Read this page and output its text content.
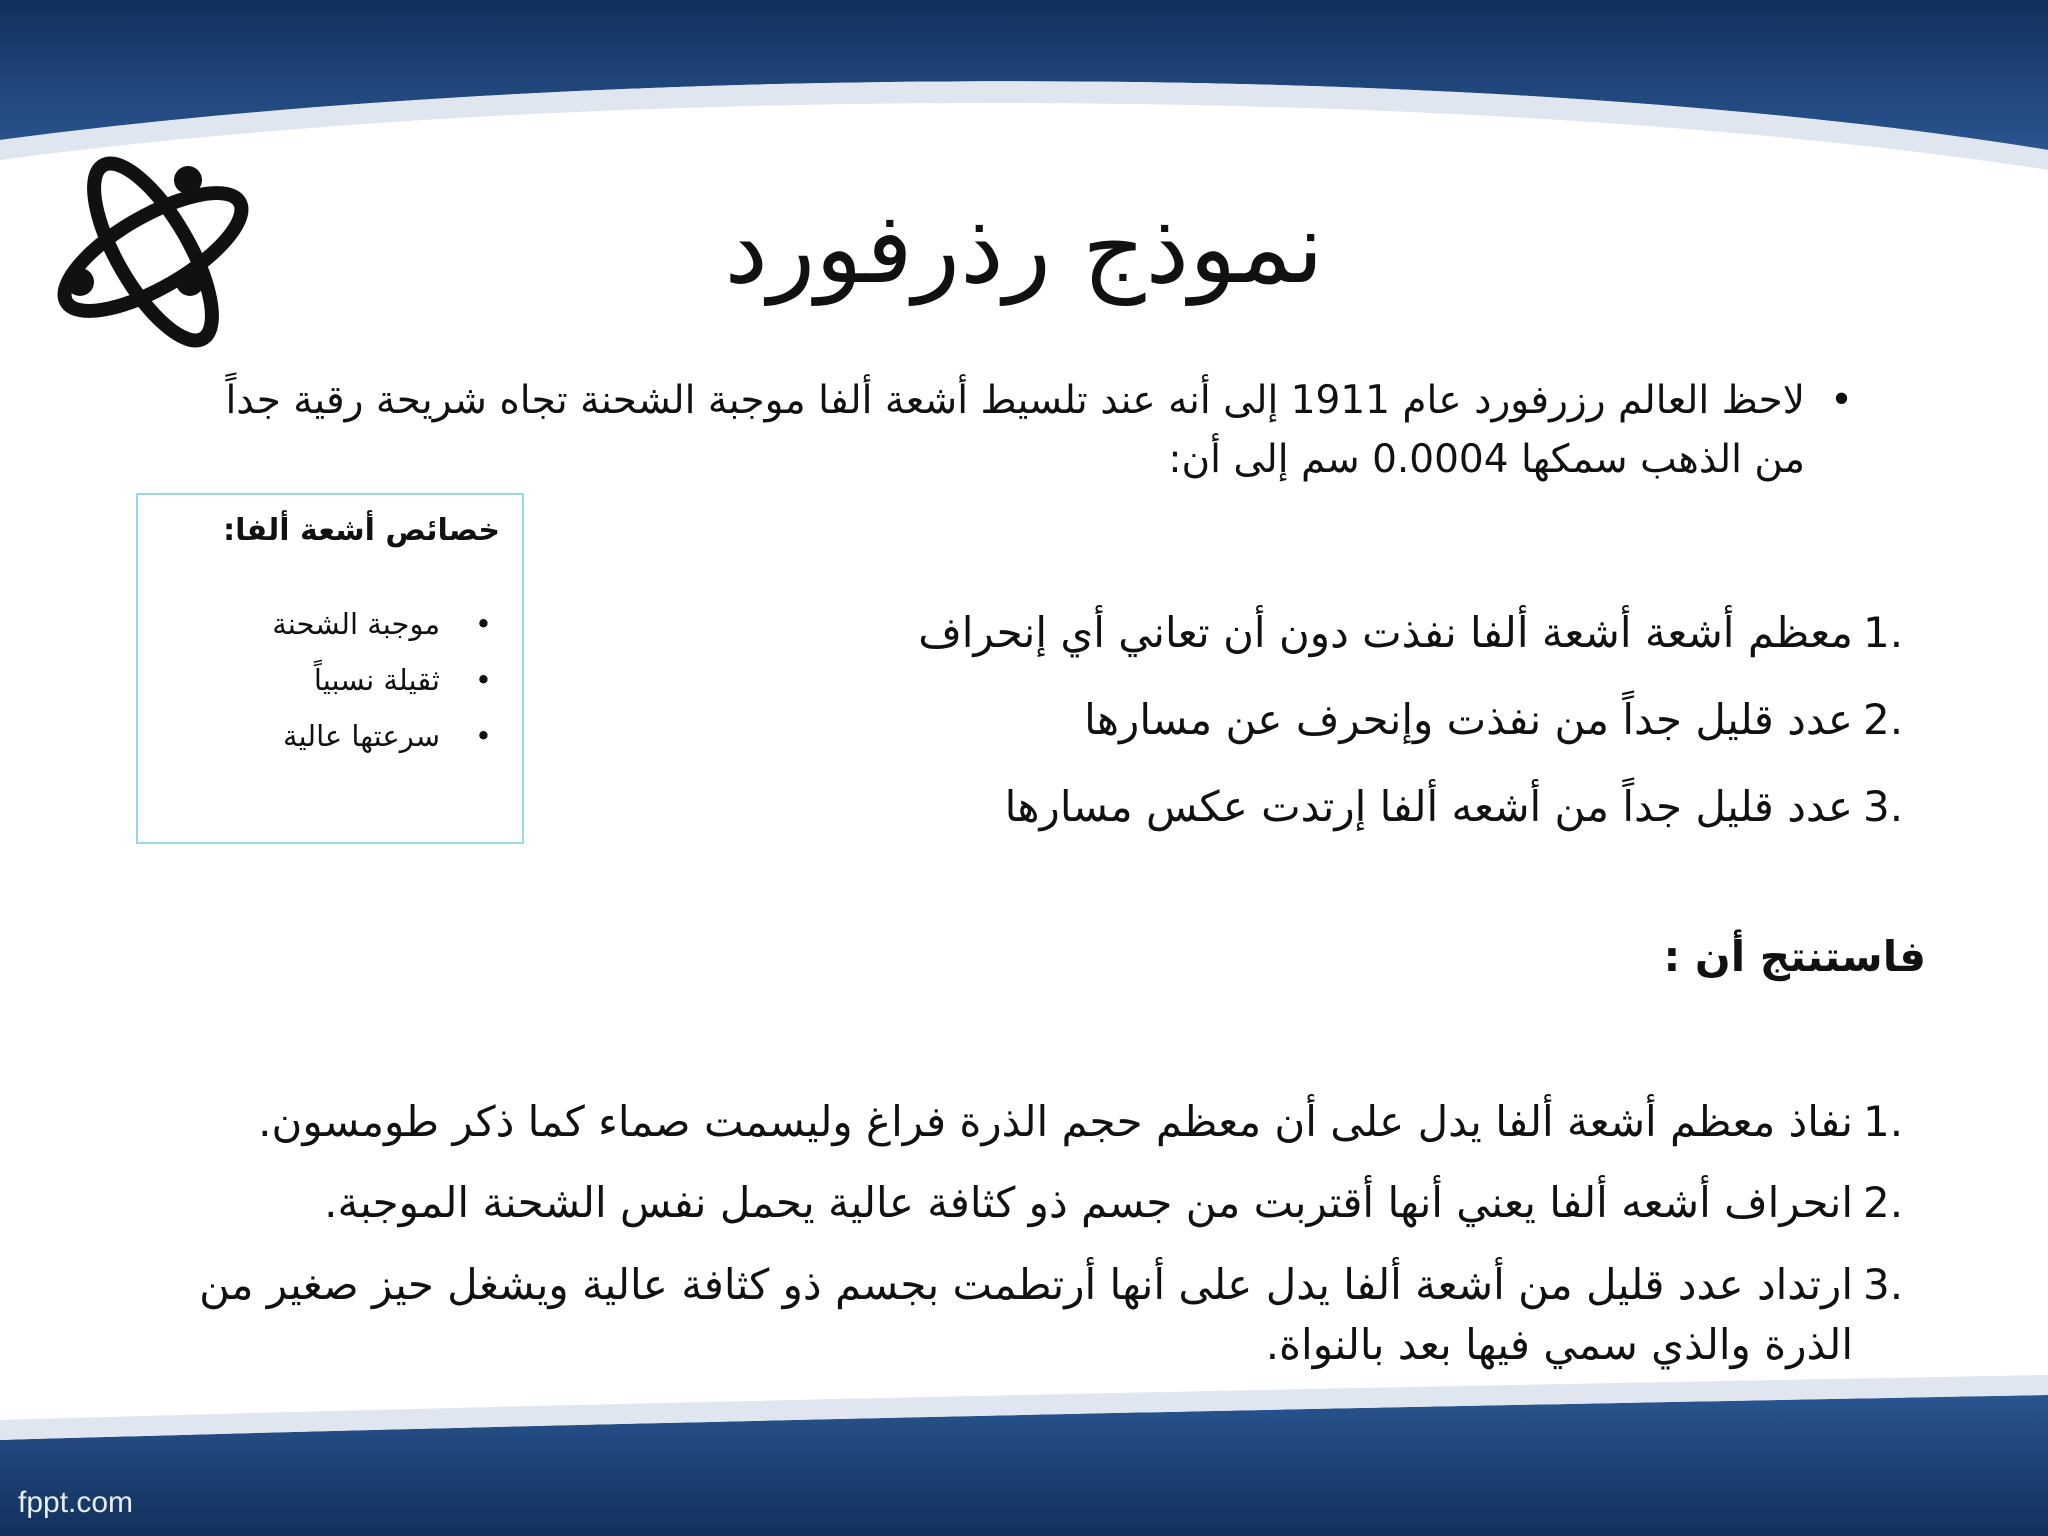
نموذج رذرفورد
•
لاحظ العالم رزرفورد عام 1911 إلى أنه عند تلسيط أشعة ألفا موجبة الشحنة تجاه شريحة رقية جداً من الذهب سمكها 0.0004 سم إلى أن:
خصائص أشعة ألفا:
•
موجبة الشحنة
•
ثقيلة نسبياً
•
سرعتها عالية
1.
معظم أشعة أشعة ألفا نفذت دون أن تعاني أي إنحراف
2.
عدد قليل جداً من نفذت وإنحرف عن مسارها
3.
عدد قليل جداً من أشعه ألفا إرتدت عكس مسارها
فاستنتج أن :
1.
نفاذ معظم أشعة ألفا يدل على أن معظم حجم الذرة فراغ وليسمت صماء كما ذكر طومسون.
2.
انحراف أشعه ألفا يعني أنها أقتربت من جسم ذو كثافة عالية يحمل نفس الشحنة الموجبة.
3.
ارتداد عدد قليل من أشعة ألفا يدل على أنها أرتطمت بجسم ذو كثافة عالية ويشغل حيز صغير من الذرة والذي سمي فيها بعد بالنواة.
fppt.com
